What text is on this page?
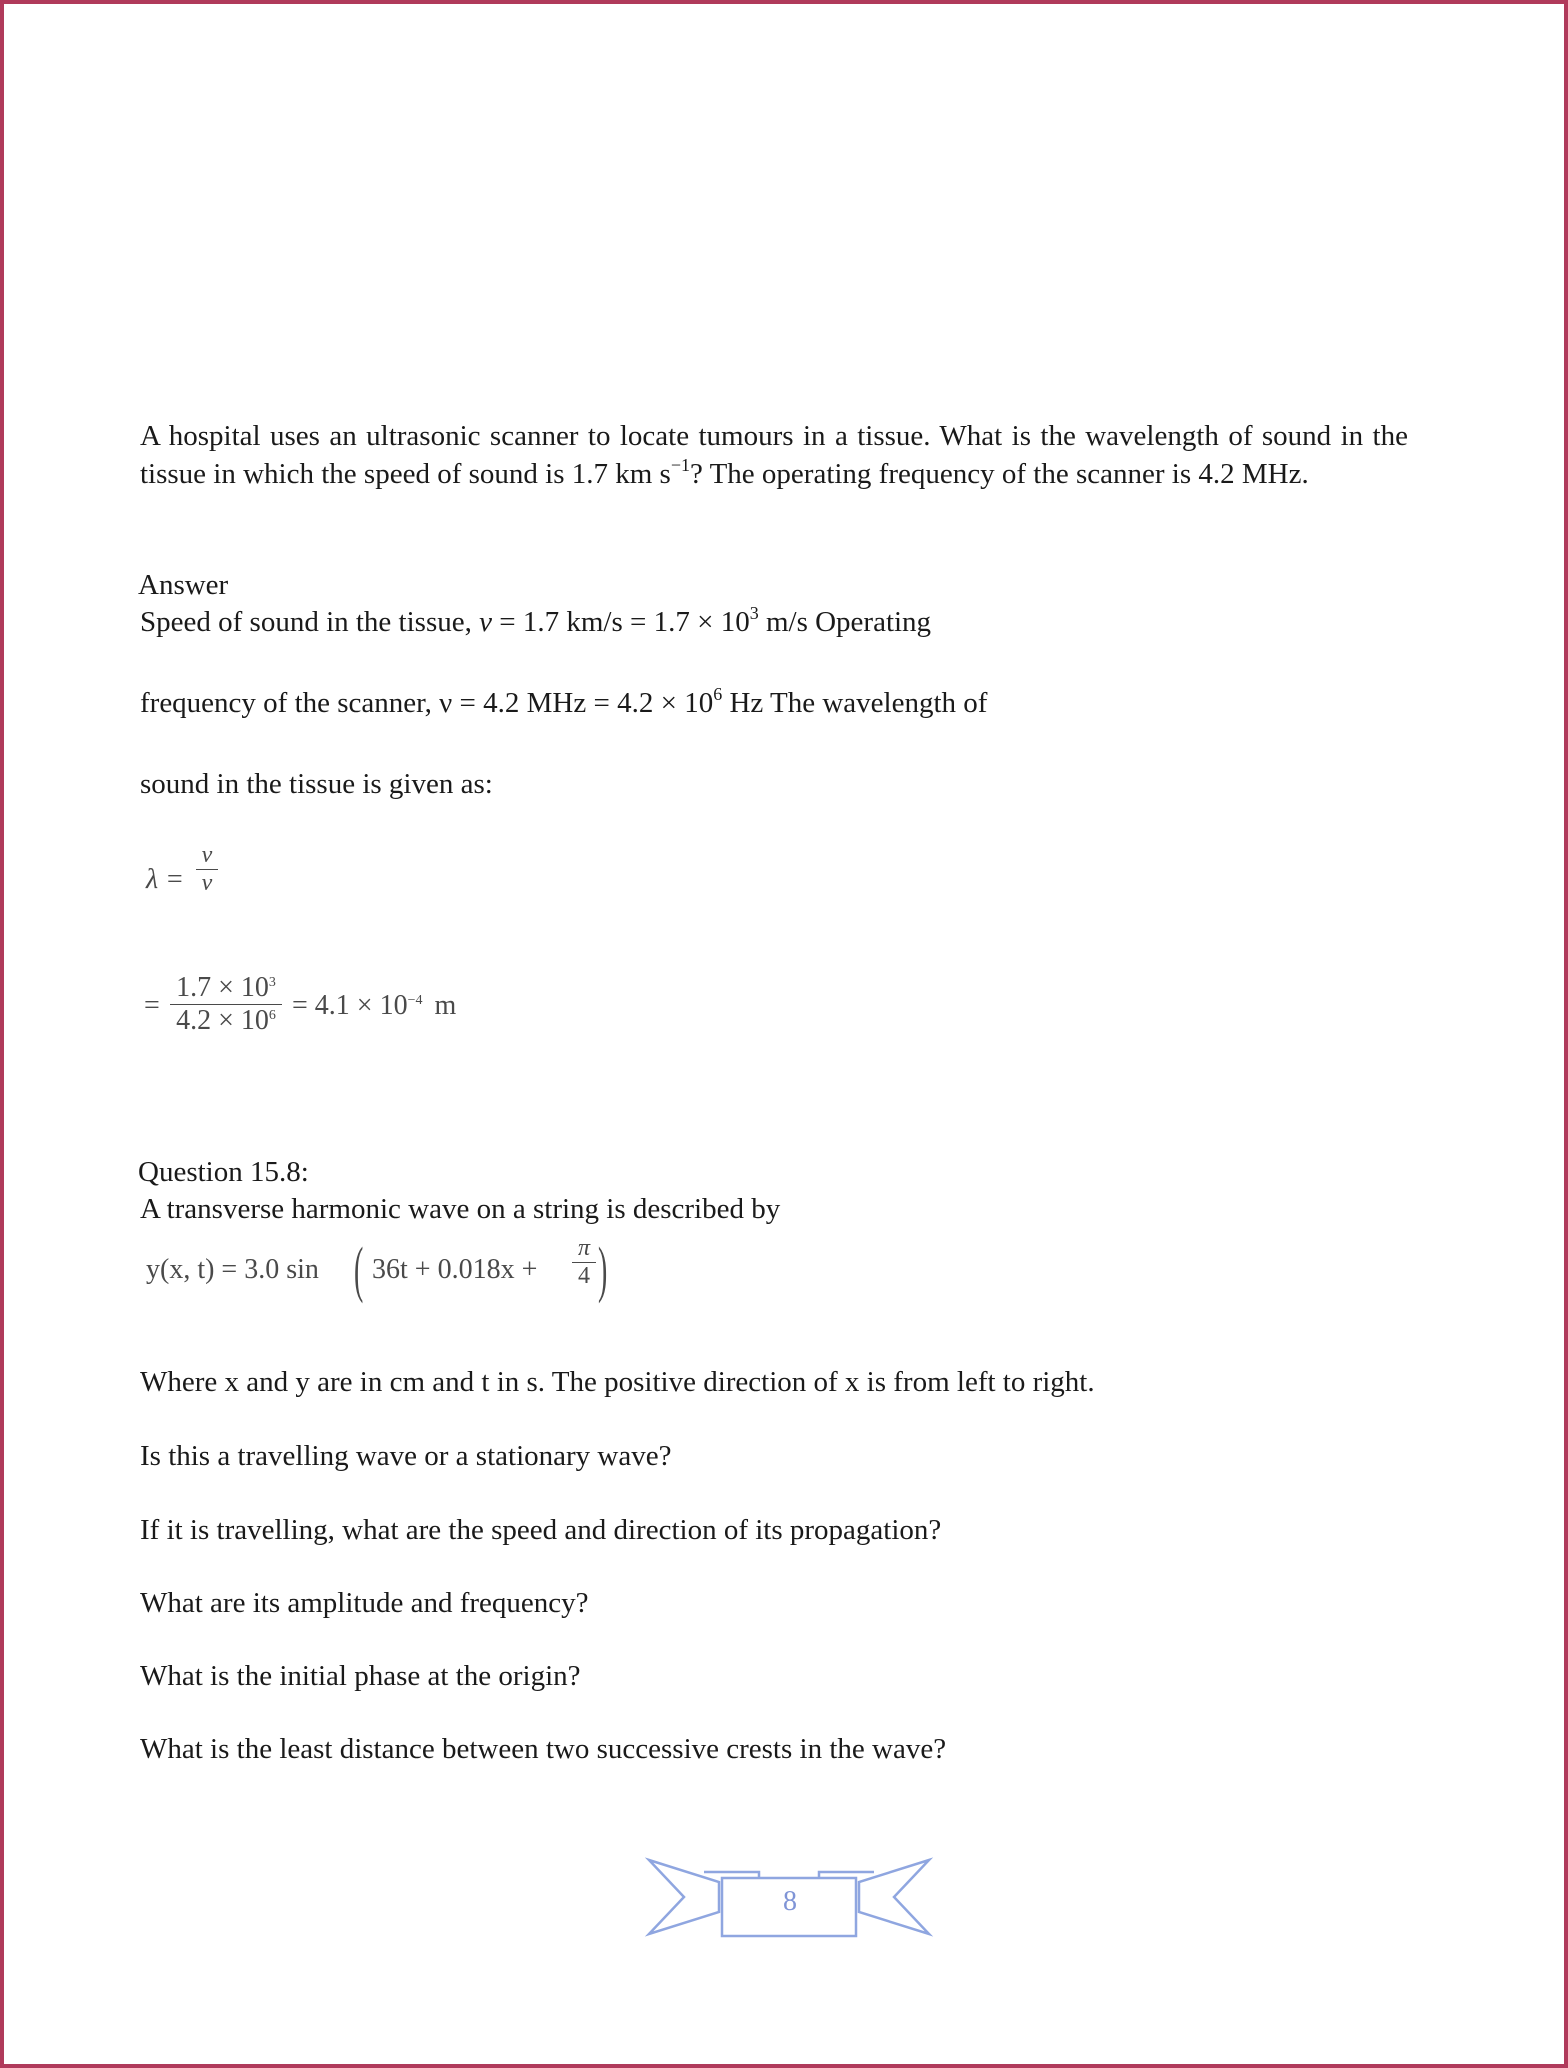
A hospital uses an ultrasonic scanner to locate tumours in a tissue. What is the wavelength of sound in the tissue in which the speed of sound is 1.7 km $s^{-1}$? The operating frequency of the scanner is 4.2 MHz.

Answer

Speed of sound in the tissue, v = 1.7 $km/s = 1.7 \times 10^3$ m/s Operating

frequency of the scanner, ν = 4.2 MHz = $4.2 \times 10^6$ Hz The wavelength of

sound in the tissue is given as:

λ =
v
ν
=
$1.7 \times 10^3$
$4.2 \times 10^6 = 4.1 \times 10^{-4}$ m

Question 15.8:

A transverse harmonic wave on a string is described by

y(x, t) = 3.0 sin ( 36t + 0.018x +
π
4 )

Where x and y are in cm and t in s. The positive direction of x is from left to right.

Is this a travelling wave or a stationary wave?

If it is travelling, what are the speed and direction of its propagation?

What are its amplitude and frequency?

What is the initial phase at the origin?

What is the least distance between two successive crests in the wave?

8
